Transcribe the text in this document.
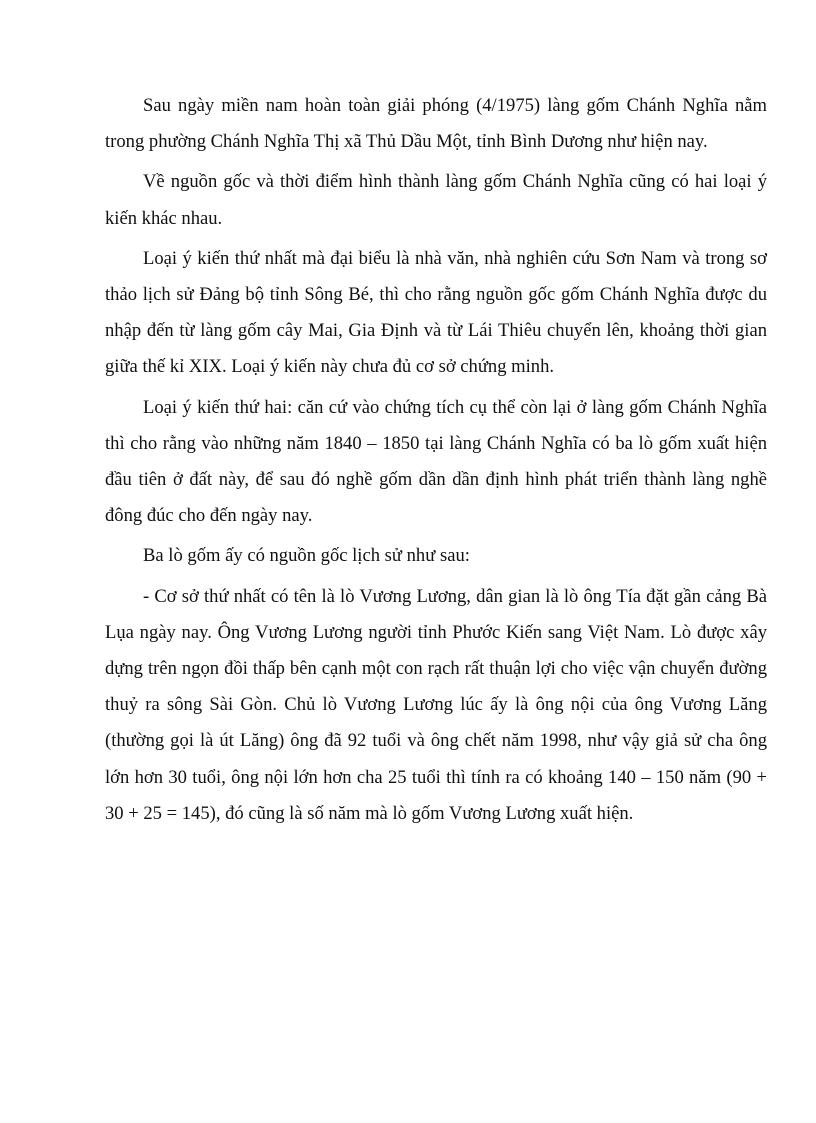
Sau ngày miền nam hoàn toàn giải phóng (4/1975) làng gốm Chánh Nghĩa nằm trong phường Chánh Nghĩa Thị xã Thủ Dầu Một, tỉnh Bình Dương như hiện nay.

Về nguồn gốc và thời điểm hình thành làng gốm Chánh Nghĩa cũng có hai loại ý kiến khác nhau.

Loại ý kiến thứ nhất mà đại biểu là nhà văn, nhà nghiên cứu Sơn Nam và trong sơ thảo lịch sử Đảng bộ tỉnh Sông Bé, thì cho rằng nguồn gốc gốm Chánh Nghĩa được du nhập đến từ làng gốm cây Mai, Gia Định và từ Lái Thiêu chuyển lên, khoảng thời gian giữa thế kỉ XIX. Loại ý kiến này chưa đủ cơ sở chứng minh.

Loại ý kiến thứ hai: căn cứ vào chứng tích cụ thể còn lại ở làng gốm Chánh Nghĩa thì cho rằng vào những năm 1840 – 1850 tại làng Chánh Nghĩa có ba lò gốm xuất hiện đầu tiên ở đất này, để sau đó nghề gốm dần dần định hình phát triển thành làng nghề đông đúc cho đến ngày nay.

Ba lò gốm ấy có nguồn gốc lịch sử như sau:

- Cơ sở thứ nhất có tên là lò Vương Lương, dân gian là lò ông Tía đặt gần cảng Bà Lụa ngày nay. Ông Vương Lương người tỉnh Phước Kiến sang Việt Nam. Lò được xây dựng trên ngọn đồi thấp bên cạnh một con rạch rất thuận lợi cho việc vận chuyển đường thuỷ ra sông Sài Gòn. Chủ lò Vương Lương lúc ấy là ông nội của ông Vương Lăng (thường gọi là út Lăng) ông đã 92 tuổi và ông chết năm 1998, như vậy giả sử cha ông lớn hơn 30 tuổi, ông nội lớn hơn cha 25 tuổi thì tính ra có khoảng 140 – 150 năm (90 + 30 + 25 = 145), đó cũng là số năm mà lò gốm Vương Lương xuất hiện.
